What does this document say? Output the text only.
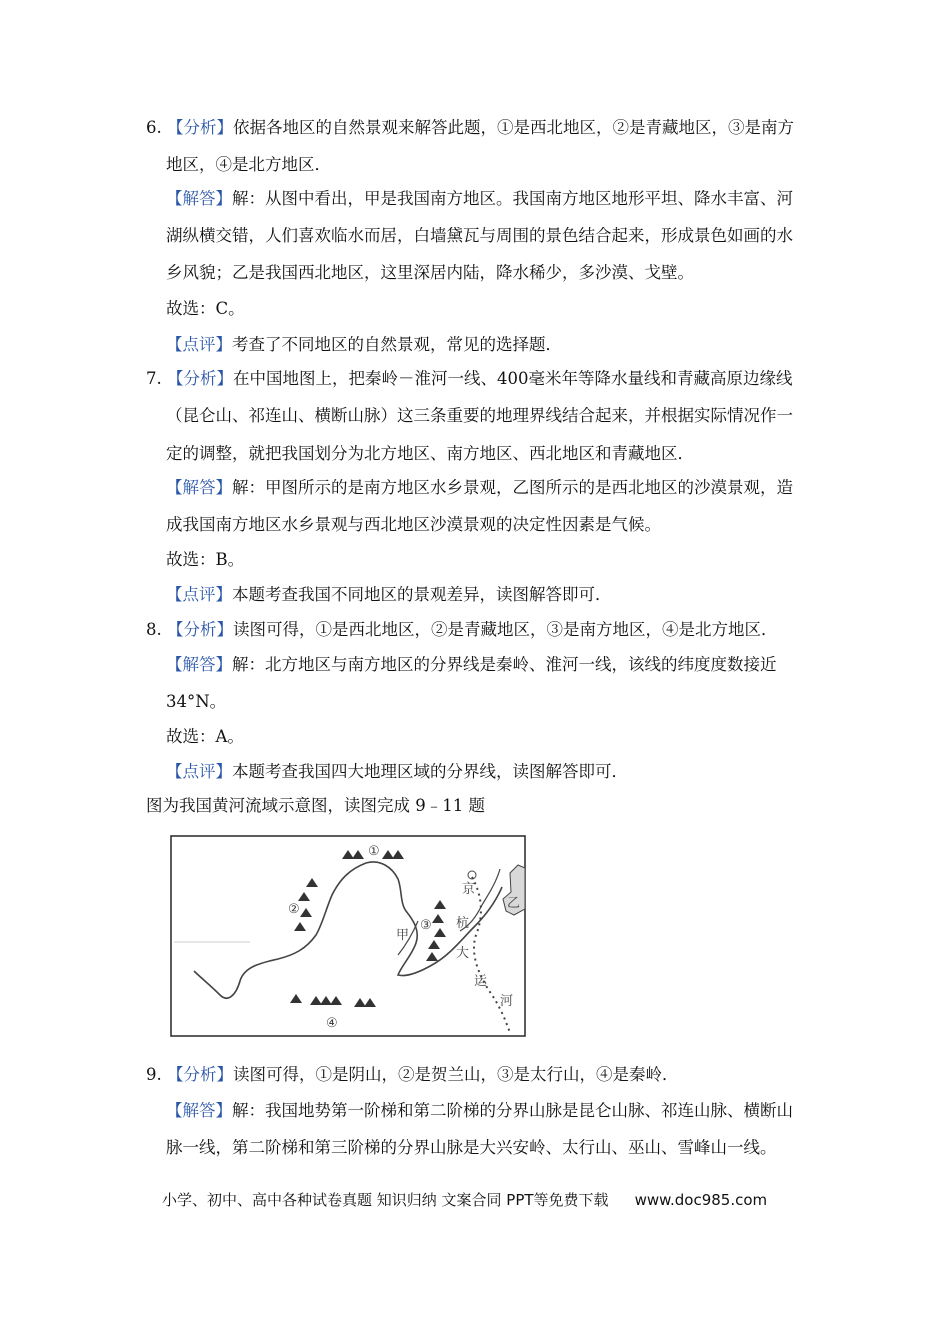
6. 【分析】依据各地区的自然景观来解答此题，①是西北地区，②是青藏地区，③是南方
地区，④是北方地区．
【解答】解：从图中看出，甲是我国南方地区。我国南方地区地形平坦、降水丰富、河
湖纵横交错，人们喜欢临水而居，白墙黛瓦与周围的景色结合起来，形成景色如画的水
乡风貌；乙是我国西北地区，这里深居内陆，降水稀少，多沙漠、戈壁。
故选：C。
【点评】考查了不同地区的自然景观，常见的选择题．
7. 【分析】在中国地图上，把秦岭－淮河一线、400毫米年等降水量线和青藏高原边缘线
（昆仑山、祁连山、横断山脉）这三条重要的地理界线结合起来，并根据实际情况作一
定的调整，就把我国划分为北方地区、南方地区、西北地区和青藏地区．
【解答】解：甲图所示的是南方地区水乡景观，乙图所示的是西北地区的沙漠景观，造
成我国南方地区水乡景观与西北地区沙漠景观的决定性因素是气候。
故选：B。
【点评】本题考查我国不同地区的景观差异，读图解答即可．
8. 【分析】读图可得，①是西北地区，②是青藏地区，③是南方地区，④是北方地区．
【解答】解：北方地区与南方地区的分界线是秦岭、淮河一线，该线的纬度度数接近
34°N。
故选：A。
【点评】本题考查我国四大地理区域的分界线，读图解答即可．
图为我国黄河流域示意图，读图完成 9﹣11 题
①
②
③
④
甲
乙
京
杭
大
运
河
9. 【分析】读图可得，①是阴山，②是贺兰山，③是太行山，④是秦岭．
【解答】解：我国地势第一阶梯和第二阶梯的分界山脉是昆仑山脉、祁连山脉、横断山
脉一线，第二阶梯和第三阶梯的分界山脉是大兴安岭、太行山、巫山、雪峰山一线。
小学、初中、高中各种试卷真题 知识归纳 文案合同 PPT等免费下载 www.doc985.com
